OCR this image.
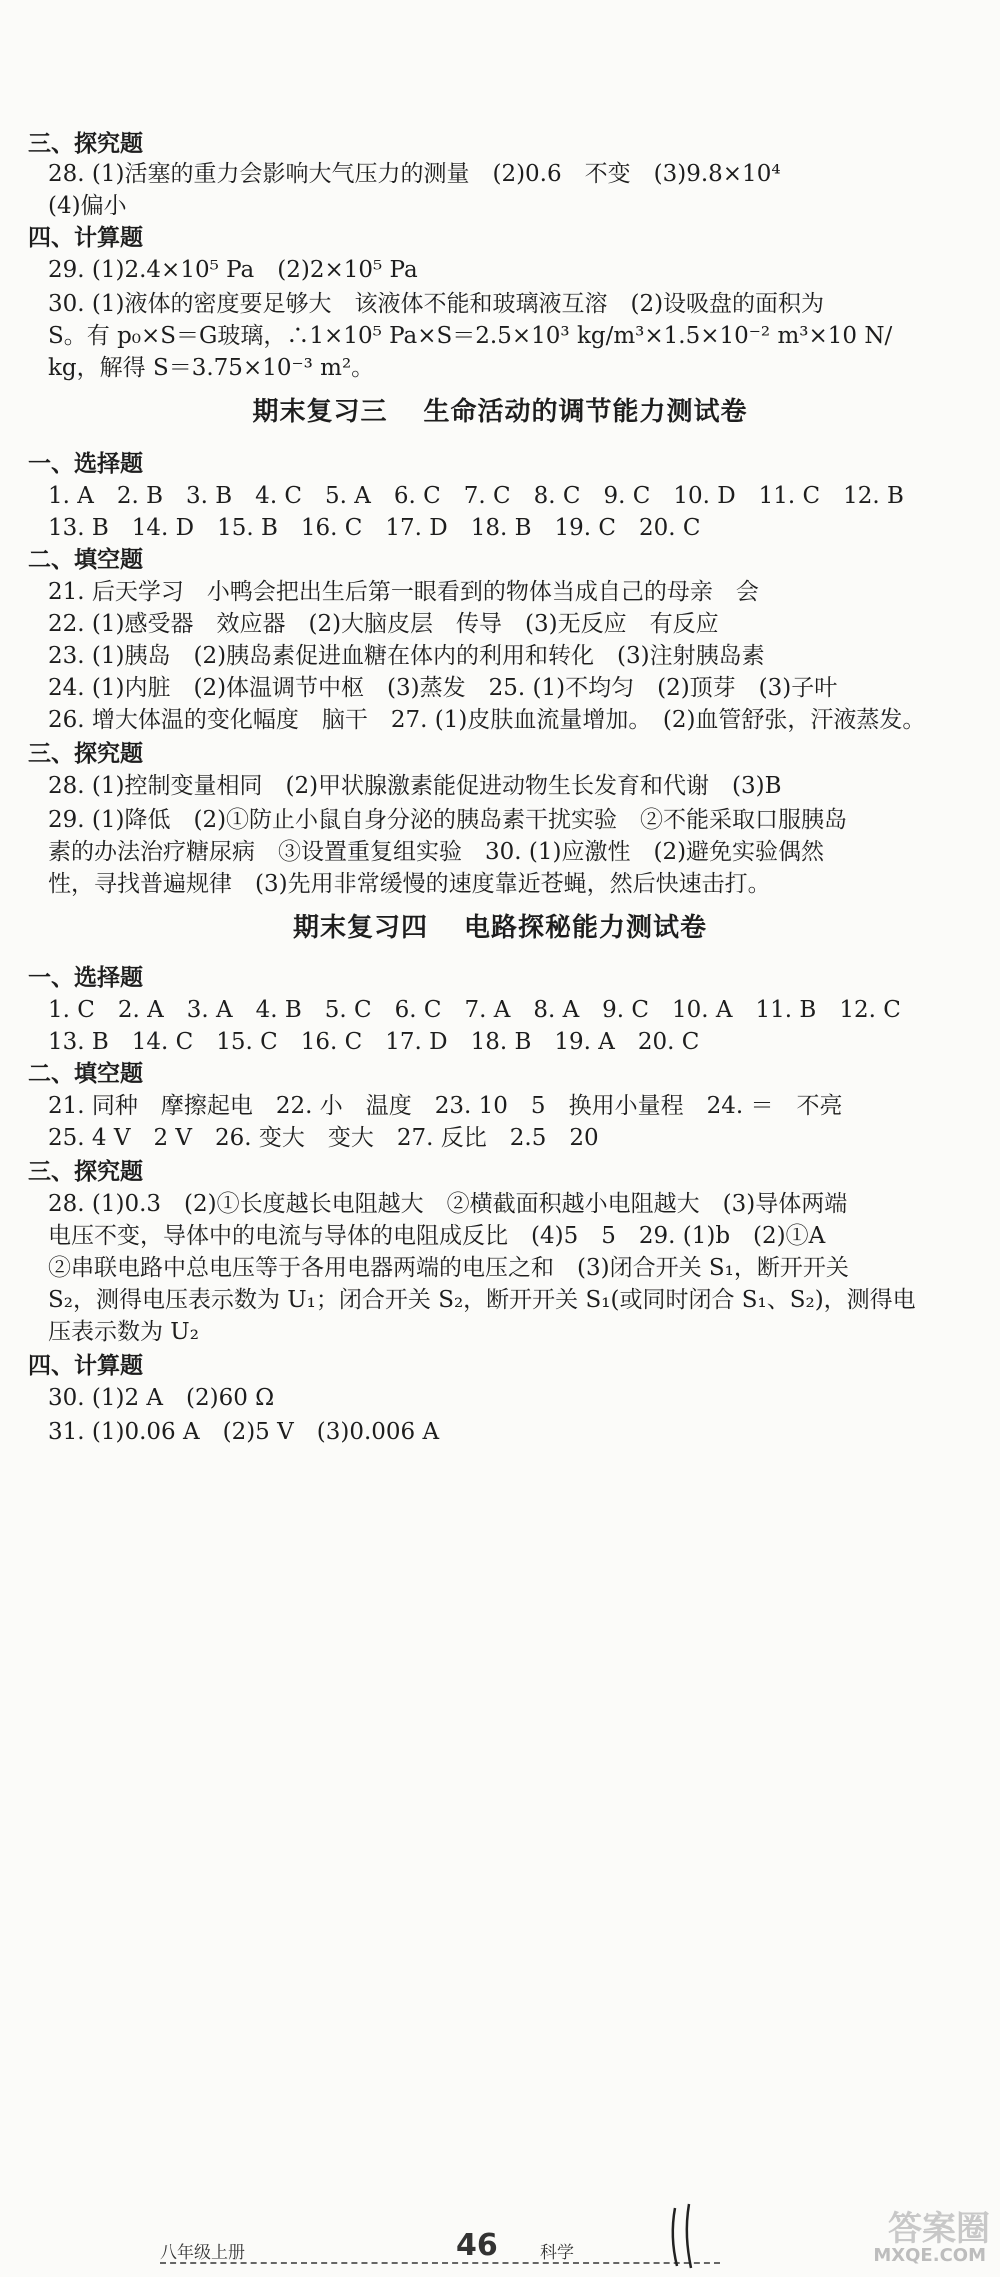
三、探究题
28. (1)活塞的重力会影响大气压力的测量　(2)0.6　不变　(3)9.8×10⁴
(4)偏小
四、计算题
29. (1)2.4×10⁵ Pa　(2)2×10⁵ Pa
30. (1)液体的密度要足够大　该液体不能和玻璃液互溶　(2)设吸盘的面积为
S。有 p₀×S＝G玻璃，∴1×10⁵ Pa×S＝2.5×10³ kg/m³×1.5×10⁻² m³×10 N/
kg，解得 S＝3.75×10⁻³ m²。
期末复习三 生命活动的调节能力测试卷
一、选择题
1. A　2. B　3. B　4. C　5. A　6. C　7. C　8. C　9. C　10. D　11. C　12. B
13. B　14. D　15. B　16. C　17. D　18. B　19. C　20. C
二、填空题
21. 后天学习　小鸭会把出生后第一眼看到的物体当成自己的母亲　会
22. (1)感受器　效应器　(2)大脑皮层　传导　(3)无反应　有反应
23. (1)胰岛　(2)胰岛素促进血糖在体内的利用和转化　(3)注射胰岛素
24. (1)内脏　(2)体温调节中枢　(3)蒸发　25. (1)不均匀　(2)顶芽　(3)子叶
26. 增大体温的变化幅度　脑干　27. (1)皮肤血流量增加。　(2)血管舒张，汗液蒸发。
三、探究题
28. (1)控制变量相同　(2)甲状腺激素能促进动物生长发育和代谢　(3)B
29. (1)降低　(2)①防止小鼠自身分泌的胰岛素干扰实验　②不能采取口服胰岛
素的办法治疗糖尿病　③设置重复组实验　30. (1)应激性　(2)避免实验偶然
性，寻找普遍规律　(3)先用非常缓慢的速度靠近苍蝇，然后快速击打。
期末复习四 电路探秘能力测试卷
一、选择题
1. C　2. A　3. A　4. B　5. C　6. C　7. A　8. A　9. C　10. A　11. B　12. C
13. B　14. C　15. C　16. C　17. D　18. B　19. A　20. C
二、填空题
21. 同种　摩擦起电　22. 小　温度　23. 10　5　换用小量程　24. ＝　不亮
25. 4 V　2 V　26. 变大　变大　27. 反比　2.5　20
三、探究题
28. (1)0.3　(2)①长度越长电阻越大　②横截面积越小电阻越大　(3)导体两端
电压不变，导体中的电流与导体的电阻成反比　(4)5　5　29. (1)b　(2)①A
②串联电路中总电压等于各用电器两端的电压之和　(3)闭合开关 S₁，断开开关
S₂，测得电压表示数为 U₁；闭合开关 S₂，断开开关 S₁(或同时闭合 S₁、S₂)，测得电
压表示数为 U₂
四、计算题
30. (1)2 A　(2)60 Ω
31. (1)0.06 A　(2)5 V　(3)0.006 A
八年级上册	46 科学
答案圈
MXQE.COM
